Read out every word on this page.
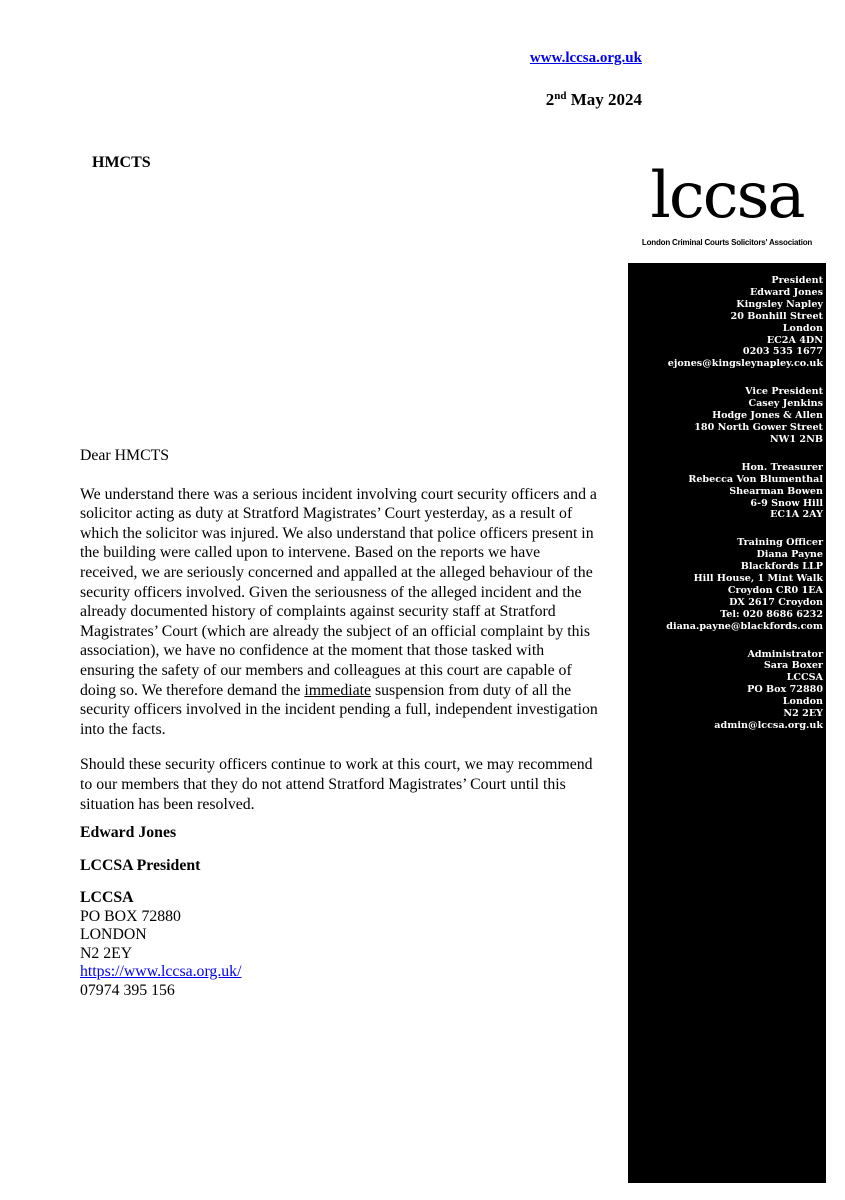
www.lccsa.org.uk
2nd May 2024
HMCTS	lccsa
London Criminal Courts Solicitors' Association
President
Edward Jones
Kingsley Napley
20 Bonhill Street
London
EC2A 4DN
0203 535 1677
ejones@kingsleynapley.co.uk
Vice President
Casey Jenkins
Hodge Jones & Allen
180 North Gower Street
NW1 2NB
Hon. Treasurer
Rebecca Von Blumenthal
Shearman Bowen
6-9 Snow Hill
EC1A 2AY
Training Officer
Diana Payne
Blackfords LLP
Hill House, 1 Mint Walk
Croydon CR0 1EA
DX 2617 Croydon
Tel: 020 8686 6232
diana.payne@blackfords.com
Administrator
Sara Boxer
LCCSA
PO Box 72880
London
N2 2EY
admin@lccsa.org.uk

Dear HMCTS

We understand there was a serious incident involving court security officers and a solicitor acting as duty at Stratford Magistrates’ Court yesterday, as a result of which the solicitor was injured. We also understand that police officers present in the building were called upon to intervene. Based on the reports we have received, we are seriously concerned and appalled at the alleged behaviour of the security officers involved. Given the seriousness of the alleged incident and the already documented history of complaints against security staff at Stratford Magistrates’ Court (which are already the subject of an official complaint by this association), we have no confidence at the moment that those tasked with ensuring the safety of our members and colleagues at this court are capable of doing so. We therefore demand the immediate suspension from duty of all the security officers involved in the incident pending a full, independent investigation into the facts.

Should these security officers continue to work at this court, we may recommend to our members that they do not attend Stratford Magistrates’ Court until this situation has been resolved.

Edward Jones
LCCSA President
LCCSA
PO BOX 72880
LONDON
N2 2EY
https://www.lccsa.org.uk/
07974 395 156
